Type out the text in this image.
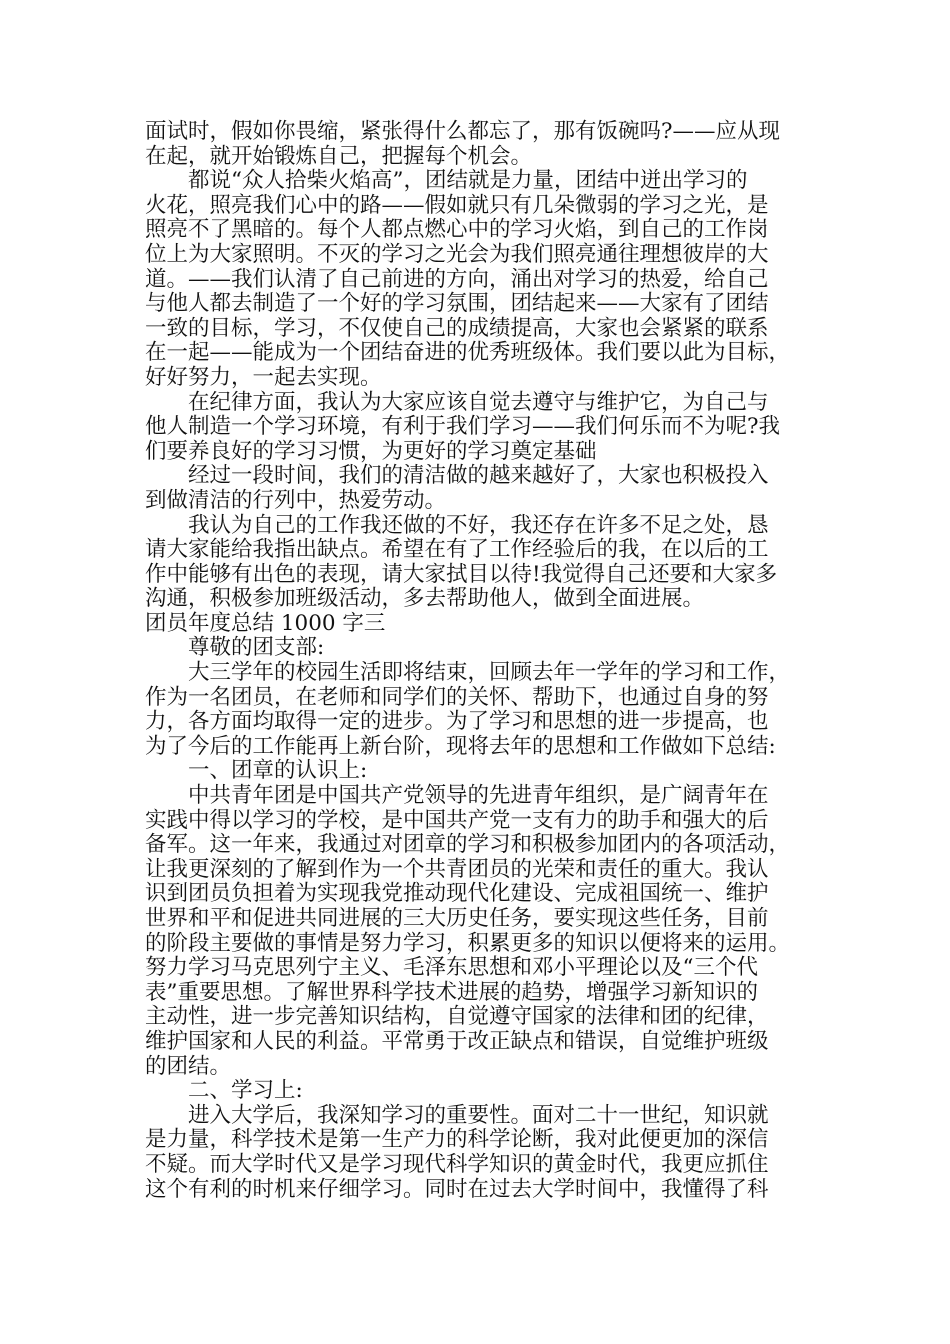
面试时，假如你畏缩，紧张得什么都忘了，那有饭碗吗?——应从现
在起，就开始锻炼自己，把握每个机会。
都说“众人拾柴火焰高”，团结就是力量，团结中迸出学习的
火花，照亮我们心中的路——假如就只有几朵微弱的学习之光，是
照亮不了黑暗的。每个人都点燃心中的学习火焰，到自己的工作岗
位上为大家照明。不灭的学习之光会为我们照亮通往理想彼岸的大
道。——我们认清了自己前进的方向，涌出对学习的热爱，给自己
与他人都去制造了一个好的学习氛围，团结起来——大家有了团结
一致的目标，学习，不仅使自己的成绩提高，大家也会紧紧的联系
在一起——能成为一个团结奋进的优秀班级体。我们要以此为目标，
好好努力，一起去实现。
在纪律方面，我认为大家应该自觉去遵守与维护它，为自己与
他人制造一个学习环境，有利于我们学习——我们何乐而不为呢?我
们要养良好的学习习惯，为更好的学习奠定基础
经过一段时间，我们的清洁做的越来越好了，大家也积极投入
到做清洁的行列中，热爱劳动。
我认为自己的工作我还做的不好，我还存在许多不足之处，恳
请大家能给我指出缺点。希望在有了工作经验后的我，在以后的工
作中能够有出色的表现，请大家拭目以待!我觉得自己还要和大家多
沟通，积极参加班级活动，多去帮助他人，做到全面进展。
团员年度总结 1000 字三
尊敬的团支部:
大三学年的校园生活即将结束，回顾去年一学年的学习和工作，
作为一名团员，在老师和同学们的关怀、帮助下，也通过自身的努
力，各方面均取得一定的进步。为了学习和思想的进一步提高，也
为了今后的工作能再上新台阶，现将去年的思想和工作做如下总结:
一、团章的认识上:
中共青年团是中国共产党领导的先进青年组织，是广阔青年在
实践中得以学习的学校，是中国共产党一支有力的助手和强大的后
备军。这一年来，我通过对团章的学习和积极参加团内的各项活动，
让我更深刻的了解到作为一个共青团员的光荣和责任的重大。我认
识到团员负担着为实现我党推动现代化建设、完成祖国统一、维护
世界和平和促进共同进展的三大历史任务，要实现这些任务，目前
的阶段主要做的事情是努力学习，积累更多的知识以便将来的运用。
努力学习马克思列宁主义、毛泽东思想和邓小平理论以及“三个代
表”重要思想。了解世界科学技术进展的趋势，增强学习新知识的
主动性，进一步完善知识结构，自觉遵守国家的法律和团的纪律，
维护国家和人民的利益。平常勇于改正缺点和错误，自觉维护班级
的团结。
二、学习上:
进入大学后，我深知学习的重要性。面对二十一世纪，知识就
是力量，科学技术是第一生产力的科学论断，我对此便更加的深信
不疑。而大学时代又是学习现代科学知识的黄金时代，我更应抓住
这个有利的时机来仔细学习。同时在过去大学时间中，我懂得了科
